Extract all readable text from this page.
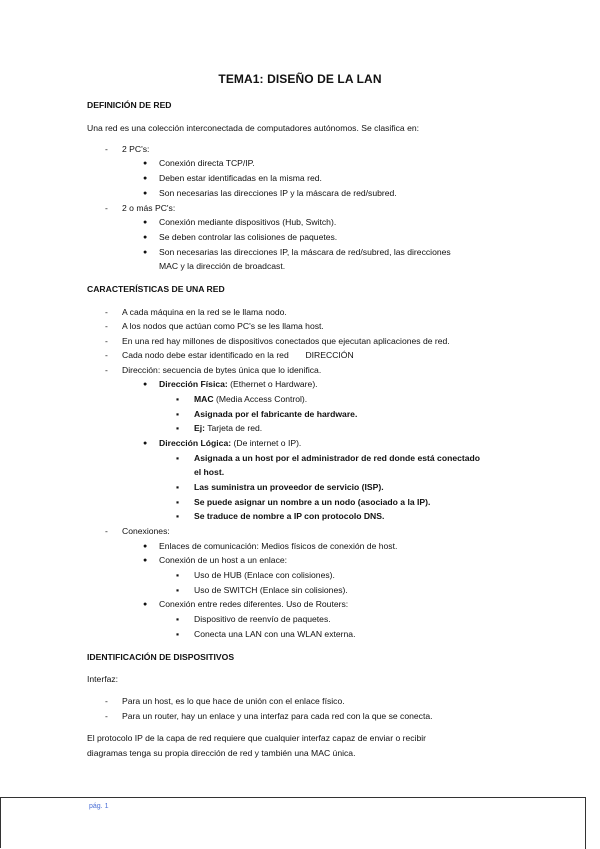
TEMA1: DISEÑO DE LA LAN
DEFINICIÓN DE RED
Una red es una colección interconectada de computadores autónomos. Se clasifica en:
- 2 PC's:
● Conexión directa TCP/IP.
● Deben estar identificadas en la misma red.
● Son necesarias las direcciones IP y la máscara de red/subred.
- 2 o más PC's:
● Conexión mediante dispositivos (Hub, Switch).
● Se deben controlar las colisiones de paquetes.
● Son necesarias las direcciones IP, la máscara de red/subred, las direcciones
MAC y la dirección de broadcast.
CARACTERÍSTICAS DE UNA RED
- A cada máquina en la red se le llama nodo.
- A los nodos que actúan como PC's se les llama host.
- En una red hay millones de dispositivos conectados que ejecutan aplicaciones de red.
- Cada nodo debe estar identificado en la red       DIRECCIÓN
- Dirección: secuencia de bytes única que lo idenifica.
● Dirección Física: (Ethernet o Hardware).
▪ MAC (Media Access Control).
▪ Asignada por el fabricante de hardware.
▪ Ej: Tarjeta de red.
● Dirección Lógica: (De internet o IP).
▪ Asignada a un host por el administrador de red donde está conectado
el host.
▪ Las suministra un proveedor de servicio (ISP).
▪ Se puede asignar un nombre a un nodo (asociado a la IP).
▪ Se traduce de nombre a IP con protocolo DNS.
- Conexiones:
● Enlaces de comunicación: Medios físicos de conexión de host.
● Conexión de un host a un enlace:
▪ Uso de HUB (Enlace con colisiones).
▪ Uso de SWITCH (Enlace sin colisiones).
● Conexión entre redes diferentes. Uso de Routers:
▪ Dispositivo de reenvío de paquetes.
▪ Conecta una LAN con una WLAN externa.
IDENTIFICACIÓN DE DISPOSITIVOS
Interfaz:
- Para un host, es lo que hace de unión con el enlace físico.
- Para un router, hay un enlace y una interfaz para cada red con la que se conecta.
El protocolo IP de la capa de red requiere que cualquier interfaz capaz de enviar o recibir
diagramas tenga su propia dirección de red y también una MAC única.
pág. 1
